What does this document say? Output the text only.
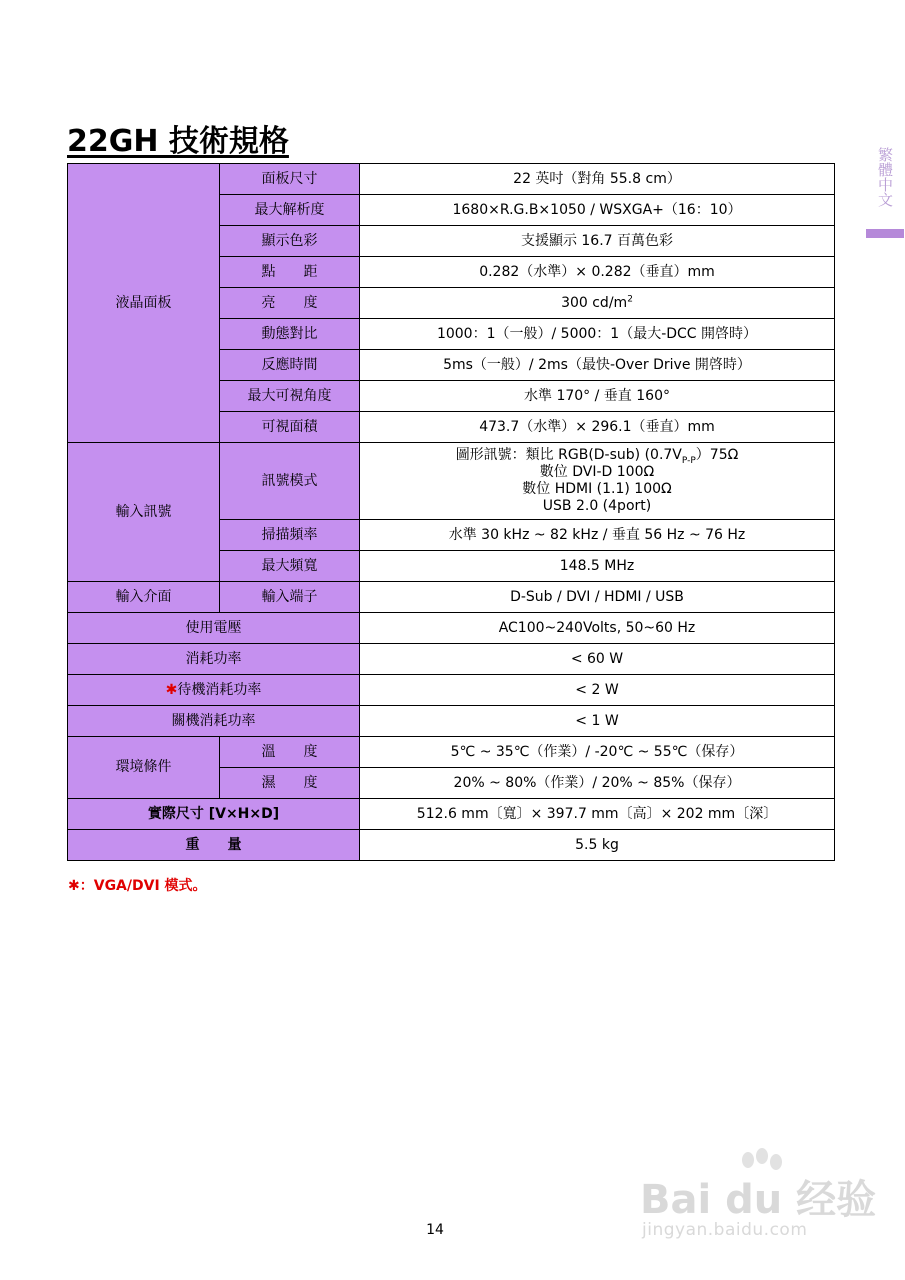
22GH 技術規格
繁體中文
液晶面板	面板尺寸	22 英吋（對角 55.8 cm）
	最大解析度	1680×R.G.B×1050 / WSXGA+（16：10）
	顯示色彩	支援顯示 16.7 百萬色彩
	點　　距	0.282（水準）× 0.282（垂直）mm
	亮　　度	300 $cd/m^2$
	動態對比	1000：1（一般）/ 5000：1（最大-DCC 開啓時）
	反應時間	5ms（一般）/ 2ms（最快-Over Drive 開啓時）
	最大可視角度	水準 170° / 垂直 160°
	可視面積	473.7（水準）× 296.1（垂直）mm
輸入訊號	訊號模式	圖形訊號：類比 RGB(D-sub) $(0.7V_{P-P})75\Omega$
數位 DVI-D 100Ω
數位 HDMI (1.1) 100Ω
USB 2.0 (4port)

	掃描頻率	水準 30 kHz ~ 82 kHz / 垂直 56 Hz ~ 76 Hz
	最大頻寬	148.5 MHz
輸入介面	輸入端子	D-Sub / DVI / HDMI / USB
使用電壓		AC100~240Volts, 50~60 Hz
消耗功率		< 60 W
✱待機消耗功率		< 2 W
關機消耗功率		< 1 W
環境條件	溫　　度	5℃ ~ 35℃（作業）/ -20℃ ~ 55℃（保存）
	濕　　度	20% ~ 80%（作業）/ 20% ~ 85%（保存）
實際尺寸 [V×H×D]		512.6 mm〔寬〕× 397.7 mm〔高〕× 202 mm〔深〕
重　　量		5.5 kg
✱：VGA/DVI 模式。
Bai du 经验
jingyan.baidu.com
14
